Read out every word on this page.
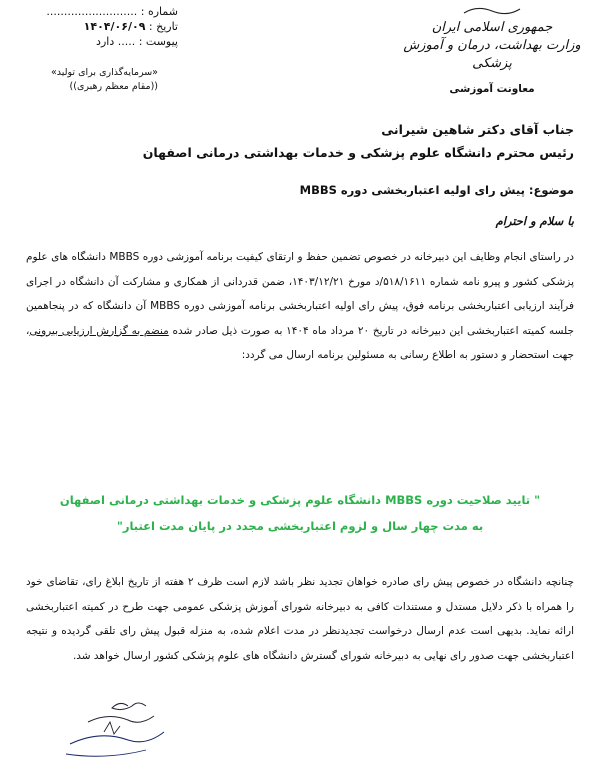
شماره : ..........................
تاریخ : ۱۴۰۴/۰۶/۰۹
پیوست : ..... دارد
«سرمایه‌گذاری برای تولید»
((مقام معظم رهبری))
جمهوری اسلامی ایران
وزارت بهداشت، درمان و آموزش پزشکی
معاونت آموزشی
جناب آقای دکتر شاهین شیرانی
رئیس محترم دانشگاه علوم پزشکی و خدمات بهداشتی درمانی اصفهان
موضوع: پیش رای اولیه اعتباربخشی دوره MBBS
با سلام و احترام
در راستای انجام وظایف این دبیرخانه در خصوص تضمین حفظ و ارتقای کیفیت برنامه آموزشی دوره MBBS دانشگاه های علوم پزشکی کشور و پیرو نامه شماره ۵۱۸/۱۶۱۱/د مورخ ۱۴۰۳/۱۲/۲۱، ضمن قدردانی از همکاری و مشارکت آن دانشگاه در اجرای فرآیند ارزیابی اعتباربخشی برنامه فوق، پیش رای اولیه اعتباربخشی برنامه آموزشی دوره MBBS آن دانشگاه که در پنجاهمین جلسه کمیته اعتباربخشی این دبیرخانه در تاریخ ۲۰ مرداد ماه ۱۴۰۴ به صورت ذیل صادر شده منضم به گزارش ارزیابی بیرونی، جهت استحضار و دستور به اطلاع رسانی به مسئولین برنامه ارسال می گردد:
" تایید صلاحیت دوره MBBS دانشگاه علوم پزشکی و خدمات بهداشتی درمانی اصفهان
به مدت چهار سال و لزوم اعتباربخشی مجدد در پایان مدت اعتبار"
چنانچه دانشگاه در خصوص پیش رای صادره خواهان تجدید نظر باشد لازم است ظرف ۲ هفته از تاریخ ابلاغ رای، تقاضای خود را همراه با ذکر دلایل مستدل و مستندات کافی به دبیرخانه شورای آموزش پزشکی عمومی جهت طرح در کمیته اعتباربخشی ارائه نماید. بدیهی است عدم ارسال درخواست تجدیدنظر در مدت اعلام شده، به منزله قبول پیش رای تلقی گردیده و نتیجه اعتباربخشی جهت صدور رای نهایی به دبیرخانه شورای گسترش دانشگاه های علوم پزشکی کشور ارسال خواهد شد.
